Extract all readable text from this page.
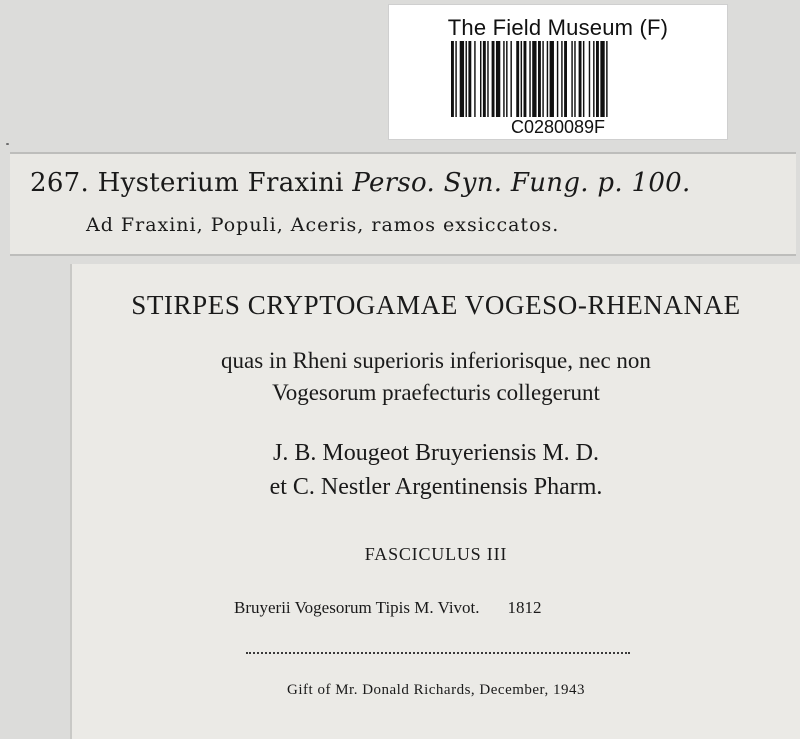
The Field Museum (F)
C0280089F
267. Hysterium Fraxini Perso. Syn. Fung. p. 100.
Ad Fraxini, Populi, Aceris, ramos exsiccatos.
STIRPES CRYPTOGAMAE VOGESO-RHENANAE
quas in Rheni superioris inferiorisque, nec non
Vogesorum praefecturis collegerunt
J. B. Mougeot Bruyeriensis M. D.
et C. Nestler Argentinensis Pharm.
FASCICULUS III
Bruyerii Vogesorum Tipis M. Vivot. 1812
Gift of Mr. Donald Richards, December, 1943
